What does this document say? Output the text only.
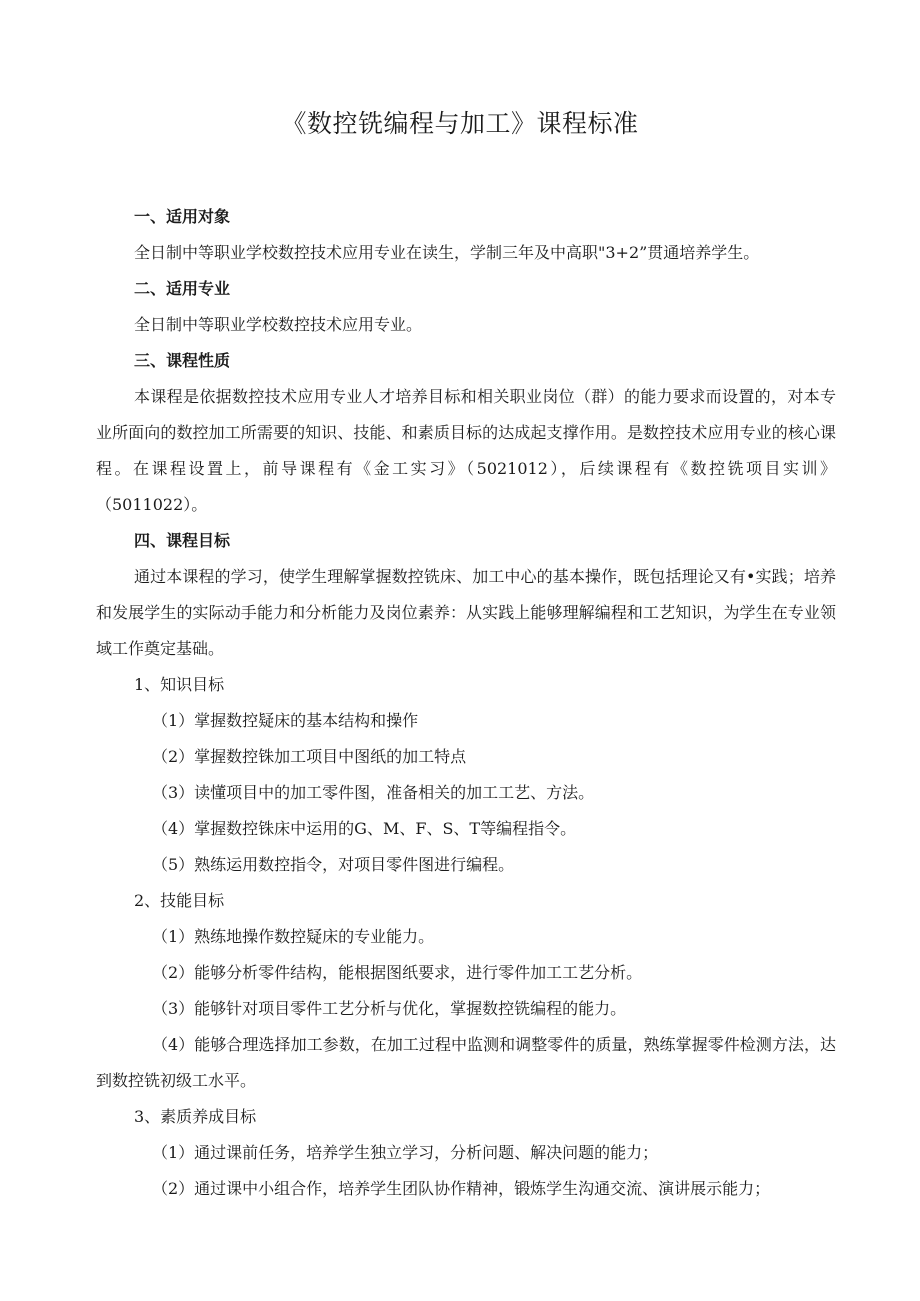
《数控铣编程与加工》课程标准
一、适用对象

全日制中等职业学校数控技术应用专业在读生，学制三年及中高职"3+2”贯通培养学生。

二、适用专业

全日制中等职业学校数控技术应用专业。

三、课程性质

本课程是依据数控技术应用专业人才培养目标和相关职业岗位（群）的能力要求而设置的，对本专业所面向的数控加工所需要的知识、技能、和素质目标的达成起支撑作用。是数控技术应用专业的核心课程。在课程设置上，前导课程有《金工实习》（5021012），后续课程有《数控铣项目实训》（5011022）。

四、课程目标

通过本课程的学习，使学生理解掌握数控铣床、加工中心的基本操作，既包括理论又有•实践；培养和发展学生的实际动手能力和分析能力及岗位素养：从实践上能够理解编程和工艺知识，为学生在专业领域工作奠定基础。

1、知识目标

（1）掌握数控疑床的基本结构和操作

（2）掌握数控铢加工项目中图纸的加工特点

（3）读懂项目中的加工零件图，准备相关的加工工艺、方法。

（4）掌握数控铢床中运用的G、M、F、S、T等编程指令。

（5）熟练运用数控指令，对项目零件图进行编程。

2、技能目标

（1）熟练地操作数控疑床的专业能力。

（2）能够分析零件结构，能根据图纸要求，进行零件加工工艺分析。

（3）能够针对项目零件工艺分析与优化，掌握数控铣编程的能力。

（4）能够合理选择加工参数，在加工过程中监测和调整零件的质量，熟练掌握零件检测方法，达到数控铣初级工水平。

3、素质养成目标

（1）通过课前任务，培养学生独立学习，分析问题、解决问题的能力；

（2）通过课中小组合作，培养学生团队协作精神，锻炼学生沟通交流、演讲展示能力；
